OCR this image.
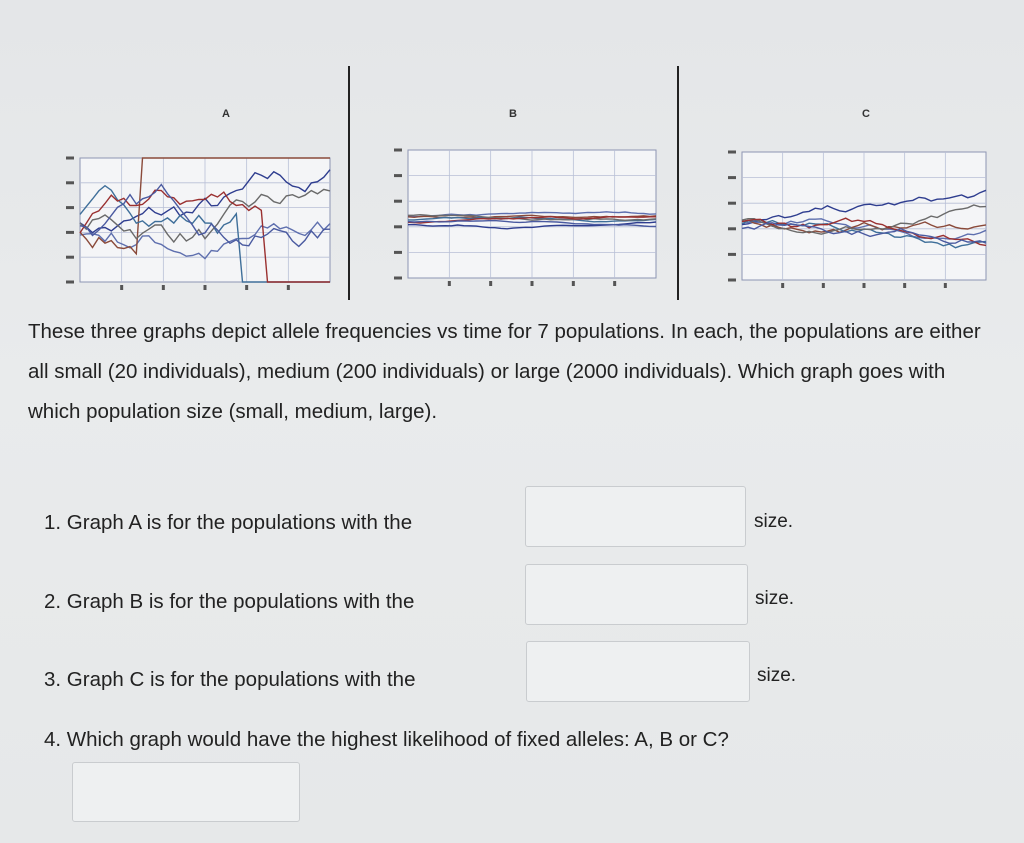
A	B	C
These three graphs depict allele frequencies vs time for 7 populations. In each, the populations are either all small (20 individuals), medium (200 individuals) or large (2000 individuals). Which graph goes with which population size (small, medium, large).
1. Graph A is for the populations with the	size.
2. Graph B is for the populations with the	size.
3. Graph C is for the populations with the	size.
4. Which graph would have the highest likelihood of fixed alleles: A, B or C?
